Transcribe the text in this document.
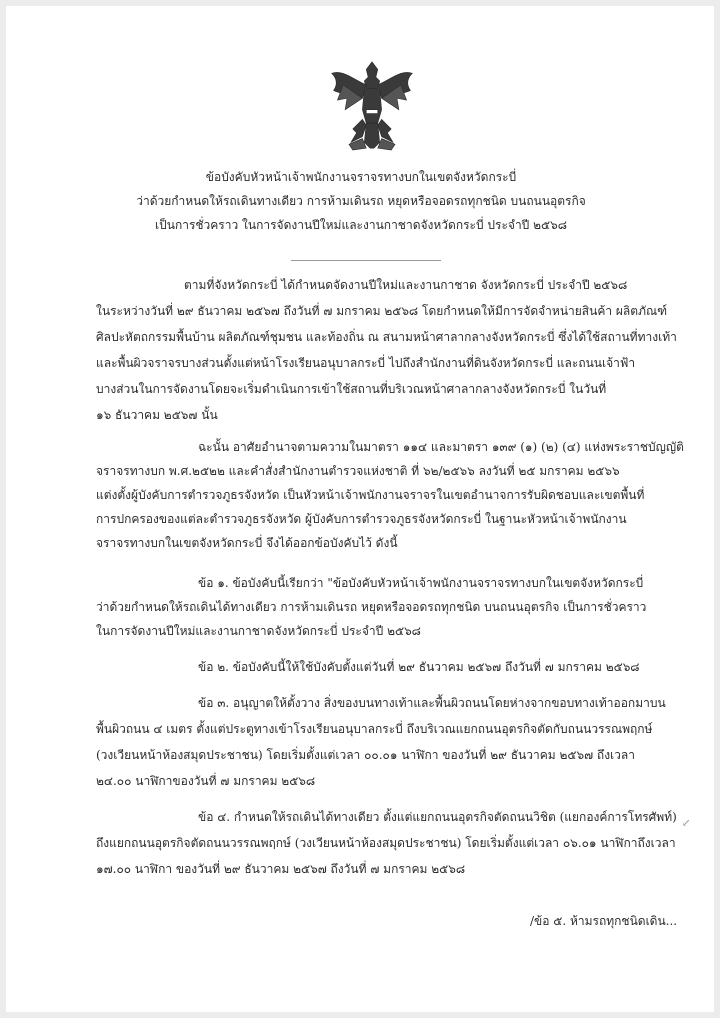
ข้อบังคับหัวหน้าเจ้าพนักงานจราจรทางบกในเขตจังหวัดกระบี่
ว่าด้วยกำหนดให้รถเดินทางเดียว การห้ามเดินรถ หยุดหรือจอดรถทุกชนิด บนถนนอุตรกิจ
เป็นการชั่วคราว ในการจัดงานปีใหม่และงานกาชาดจังหวัดกระบี่ ประจำปี ๒๕๖๘
ตามที่จังหวัดกระบี่ ได้กำหนดจัดงานปีใหม่และงานกาชาด จังหวัดกระบี่ ประจำปี ๒๕๖๘
ในระหว่างวันที่ ๒๙ ธันวาคม ๒๕๖๗ ถึงวันที่ ๗ มกราคม ๒๕๖๘ โดยกำหนดให้มีการจัดจำหน่ายสินค้า ผลิตภัณฑ์
ศิลปะหัตถกรรมพื้นบ้าน ผลิตภัณฑ์ชุมชน และท้องถิ่น ณ สนามหน้าศาลากลางจังหวัดกระบี่ ซึ่งได้ใช้สถานที่ทางเท้า
และพื้นผิวจราจรบางส่วนตั้งแต่หน้าโรงเรียนอนุบาลกระบี่ ไปถึงสำนักงานที่ดินจังหวัดกระบี่ และถนนเจ้าฟ้า
บางส่วนในการจัดงานโดยจะเริ่มดำเนินการเข้าใช้สถานที่บริเวณหน้าศาลากลางจังหวัดกระบี่ ในวันที่
๑๖ ธันวาคม ๒๕๖๗ นั้น
ฉะนั้น อาศัยอำนาจตามความในมาตรา ๑๑๔ และมาตรา ๑๓๙ (๑) (๒) (๔) แห่งพระราชบัญญัติ
จราจรทางบก พ.ศ.๒๕๒๒ และคำสั่งสำนักงานตำรวจแห่งชาติ ที่ ๖๒/๒๕๖๖ ลงวันที่ ๒๕ มกราคม ๒๕๖๖
แต่งตั้งผู้บังคับการตำรวจภูธรจังหวัด เป็นหัวหน้าเจ้าพนักงานจราจรในเขตอำนาจการรับผิดชอบและเขตพื้นที่
การปกครองของแต่ละตำรวจภูธรจังหวัด ผู้บังคับการตำรวจภูธรจังหวัดกระบี่ ในฐานะหัวหน้าเจ้าพนักงาน
จราจรทางบกในเขตจังหวัดกระบี่ จึงได้ออกข้อบังคับไว้ ดังนี้
ข้อ ๑. ข้อบังคับนี้เรียกว่า "ข้อบังคับหัวหน้าเจ้าพนักงานจราจรทางบกในเขตจังหวัดกระบี่
ว่าด้วยกำหนดให้รถเดินได้ทางเดียว การห้ามเดินรถ หยุดหรือจอดรถทุกชนิด บนถนนอุตรกิจ เป็นการชั่วคราว
ในการจัดงานปีใหม่และงานกาชาดจังหวัดกระบี่ ประจำปี ๒๕๖๘
ข้อ ๒. ข้อบังคับนี้ให้ใช้บังคับตั้งแต่วันที่ ๒๙ ธันวาคม ๒๕๖๗ ถึงวันที่ ๗ มกราคม ๒๕๖๘
ข้อ ๓. อนุญาตให้ตั้งวาง สิ่งของบนทางเท้าและพื้นผิวถนนโดยห่างจากขอบทางเท้าออกมาบน
พื้นผิวถนน ๔ เมตร ตั้งแต่ประตูทางเข้าโรงเรียนอนุบาลกระบี่ ถึงบริเวณแยกถนนอุตรกิจตัดกับถนนวรรณพฤกษ์
(วงเวียนหน้าห้องสมุดประชาชน) โดยเริ่มตั้งแต่เวลา ๐๐.๐๑ นาฬิกา ของวันที่ ๒๙ ธันวาคม ๒๕๖๗ ถึงเวลา
๒๔.๐๐ นาฬิกาของวันที่ ๗ มกราคม ๒๕๖๘
ข้อ ๔. กำหนดให้รถเดินได้ทางเดียว ตั้งแต่แยกถนนอุตรกิจตัดถนนวิชิต (แยกองค์การโทรศัพท์)
ถึงแยกถนนอุตรกิจตัดถนนวรรณพฤกษ์ (วงเวียนหน้าห้องสมุดประชาชน) โดยเริ่มตั้งแต่เวลา ๐๖.๐๑ นาฬิกาถึงเวลา
๑๗.๐๐ นาฬิกา ของวันที่ ๒๙ ธันวาคม ๒๕๖๗ ถึงวันที่ ๗ มกราคม ๒๕๖๘
↙
/ข้อ ๕. ห้ามรถทุกชนิดเดิน...
